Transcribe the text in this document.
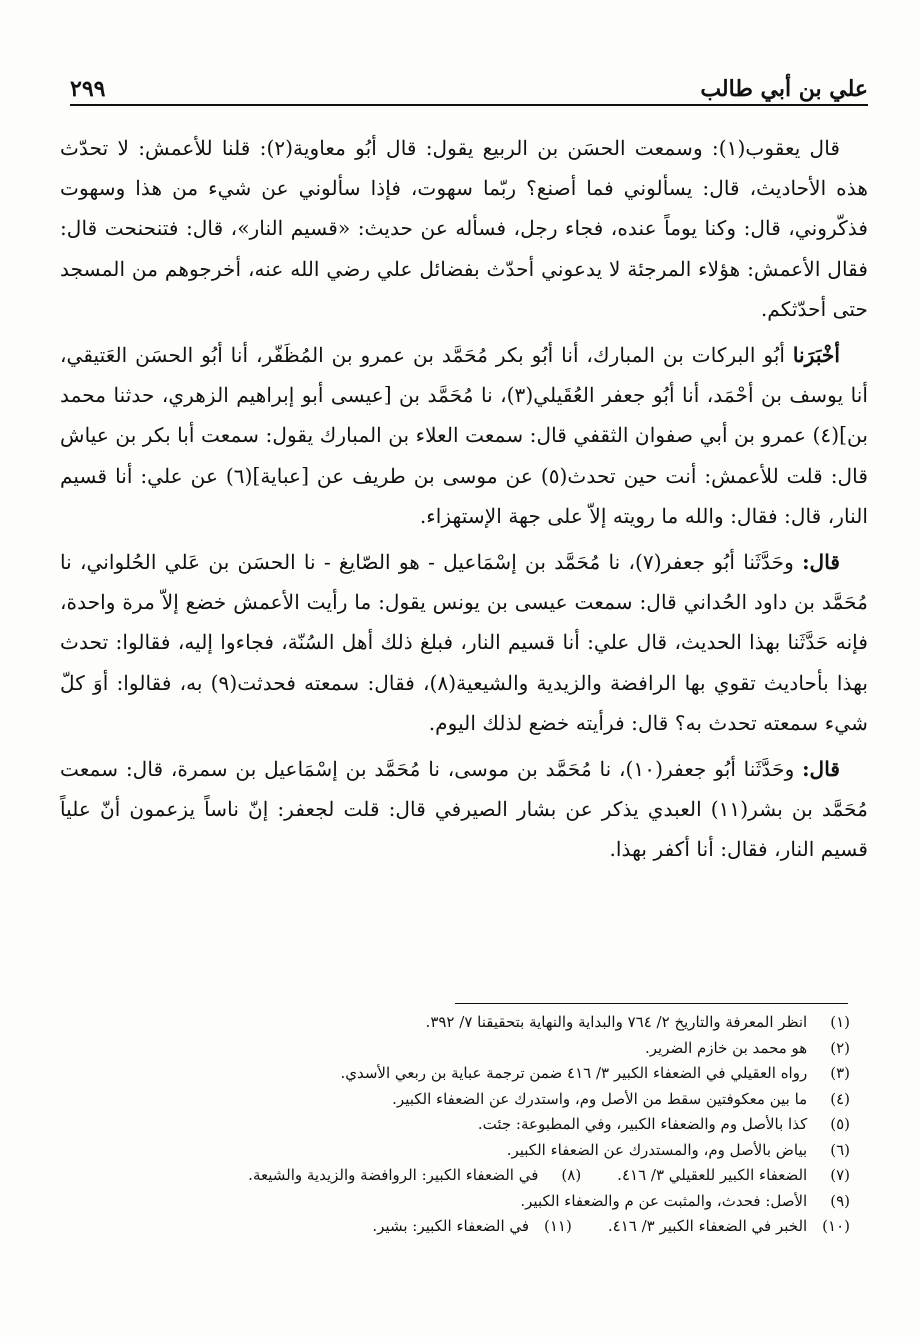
علي بن أبي طالب
٢٩٩

قال يعقوب(١): وسمعت الحسَن بن الربيع يقول: قال أبُو معاوية(٢): قلنا للأعمش: لا تحدّث هذه الأحاديث، قال: يسألوني فما أصنع؟ ربّما سهوت، فإذا سألوني عن شيء من هذا وسهوت فذكّروني، قال: وكنا يوماً عنده، فجاء رجل، فسأله عن حديث: «قسيم النار»، قال: فتنحنحت قال: فقال الأعمش: هؤلاء المرجئة لا يدعوني أحدّث بفضائل علي رضي الله عنه، أخرجوهم من المسجد حتى أحدّثكم.

أخْبَرَنا أبُو البركات بن المبارك، أنا أبُو بكر مُحَمَّد بن عمرو بن المُظَفّر، أنا أبُو الحسَن العَتيقي، أنا يوسف بن أحْمَد، أنا أبُو جعفر العُقَيلي(٣)، نا مُحَمَّد بن [عيسى أبو إبراهيم الزهري، حدثنا محمد بن](٤) عمرو بن أبي صفوان الثقفي قال: سمعت العلاء بن المبارك يقول: سمعت أبا بكر بن عياش قال: قلت للأعمش: أنت حين تحدث(٥) عن موسى بن طريف عن [عباية](٦) عن علي: أنا قسيم النار، قال: فقال: والله ما رويته إلاّ على جهة الإستهزاء.

قال: وحَدَّثَنا أبُو جعفر(٧)، نا مُحَمَّد بن إسْمَاعيل - هو الصّايغ - نا الحسَن بن عَلي الحُلواني، نا مُحَمَّد بن داود الحُداني قال: سمعت عيسى بن يونس يقول: ما رأيت الأعمش خضع إلاّ مرة واحدة، فإنه حَدَّثَنا بهذا الحديث، قال علي: أنا قسيم النار، فبلغ ذلك أهل السُنّة، فجاءوا إليه، فقالوا: تحدث بهذا بأحاديث تقوي بها الرافضة والزيدية والشيعية(٨)، فقال: سمعته فحدثت(٩) به، فقالوا: أوَ كلّ شيء سمعته تحدث به؟ قال: فرأيته خضع لذلك اليوم.

قال: وحَدَّثَنا أبُو جعفر(١٠)، نا مُحَمَّد بن موسى، نا مُحَمَّد بن إسْمَاعيل بن سمرة، قال: سمعت مُحَمَّد بن بشر(١١) العبدي يذكر عن بشار الصيرفي قال: قلت لجعفر: إنّ ناساً يزعمون أنّ علياً قسيم النار، فقال: أنا أكفر بهذا.

(١) انظر المعرفة والتاريخ ٢/ ٧٦٤ والبداية والنهاية بتحقيقنا ٧/ ٣٩٢.

(٢) هو محمد بن خازم الضرير.

(٣) رواه العقيلي في الضعفاء الكبير ٣/ ٤١٦ ضمن ترجمة عباية بن ربعي الأسدي.

(٤) ما بين معكوفتين سقط من الأصل وم، واستدرك عن الضعفاء الكبير.

(٥) كذا بالأصل وم والضعفاء الكبير، وفي المطبوعة: جئت.

(٦) بياض بالأصل وم، والمستدرك عن الضعفاء الكبير.

(٧) الضعفاء الكبير للعقيلي ٣/ ٤١٦.

(٨) في الضعفاء الكبير: الروافضة والزيدية والشيعة.

(٩) الأصل: فحدث، والمثبت عن م والضعفاء الكبير.

(١٠) الخبر في الضعفاء الكبير ٣/ ٤١٦.

(١١) في الضعفاء الكبير: بشير.
